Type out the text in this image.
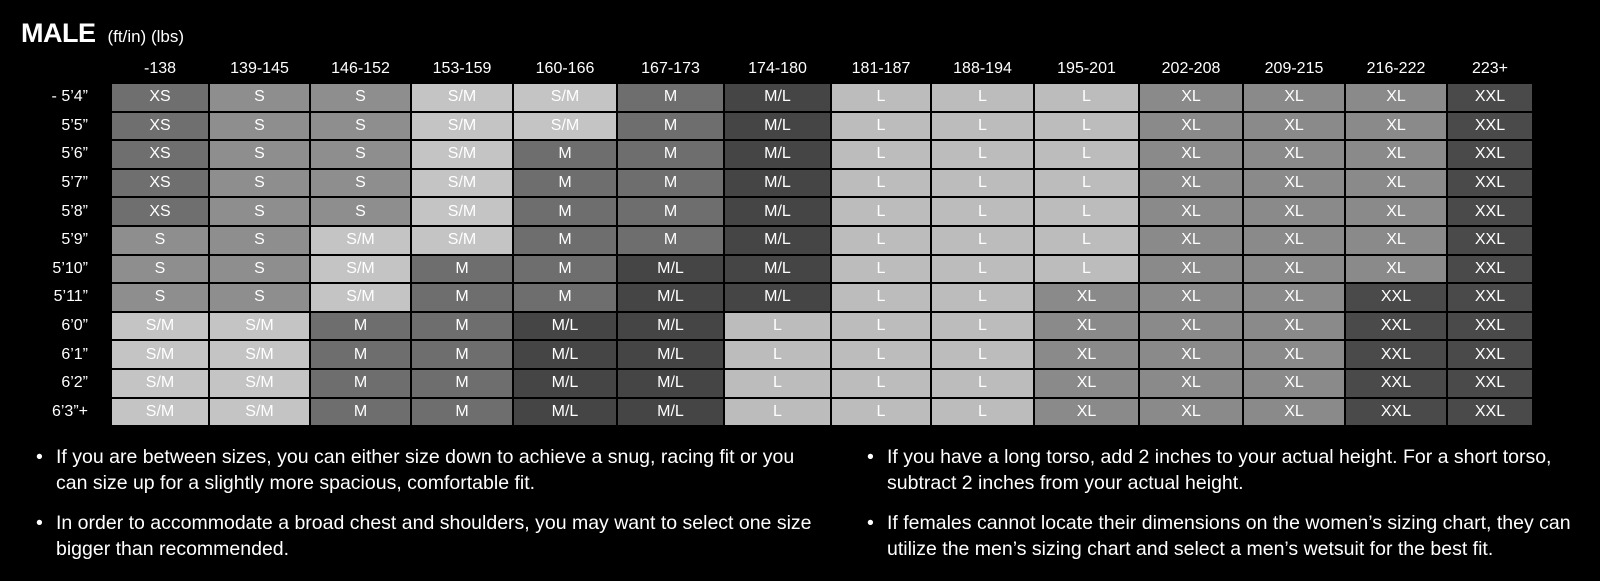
MALE (ft/in) (lbs)
	-138	139-145	146-152	153-159	160-166	167-173	174-180	181-187	188-194	195-201	202-208	209-215	216-222	223+
- 5’4”	XS	S	S	S/M	S/M	M	M/L	L	L	L	XL	XL	XL	XXL
5’5”	XS	S	S	S/M	S/M	M	M/L	L	L	L	XL	XL	XL	XXL
5’6”	XS	S	S	S/M	M	M	M/L	L	L	L	XL	XL	XL	XXL
5’7”	XS	S	S	S/M	M	M	M/L	L	L	L	XL	XL	XL	XXL
5’8”	XS	S	S	S/M	M	M	M/L	L	L	L	XL	XL	XL	XXL
5’9”	S	S	S/M	S/M	M	M	M/L	L	L	L	XL	XL	XL	XXL
5’10”	S	S	S/M	M	M	M/L	M/L	L	L	L	XL	XL	XL	XXL
5’11”	S	S	S/M	M	M	M/L	M/L	L	L	XL	XL	XL	XXL	XXL
6’0”	S/M	S/M	M	M	M/L	M/L	L	L	L	XL	XL	XL	XXL	XXL
6’1”	S/M	S/M	M	M	M/L	M/L	L	L	L	XL	XL	XL	XXL	XXL
6’2”	S/M	S/M	M	M	M/L	M/L	L	L	L	XL	XL	XL	XXL	XXL
6’3”+	S/M	S/M	M	M	M/L	M/L	L	L	L	XL	XL	XL	XXL	XXL
• If you are between sizes, you can either size down to achieve a snug, racing fit or you can size up for a slightly more spacious, comfortable fit.
• In order to accommodate a broad chest and shoulders, you may want to select one size bigger than recommended.
• If you have a long torso, add 2 inches to your actual height. For a short torso, subtract 2 inches from your actual height.
• If females cannot locate their dimensions on the women’s sizing chart, they can utilize the men’s sizing chart and select a men’s wetsuit for the best fit.
